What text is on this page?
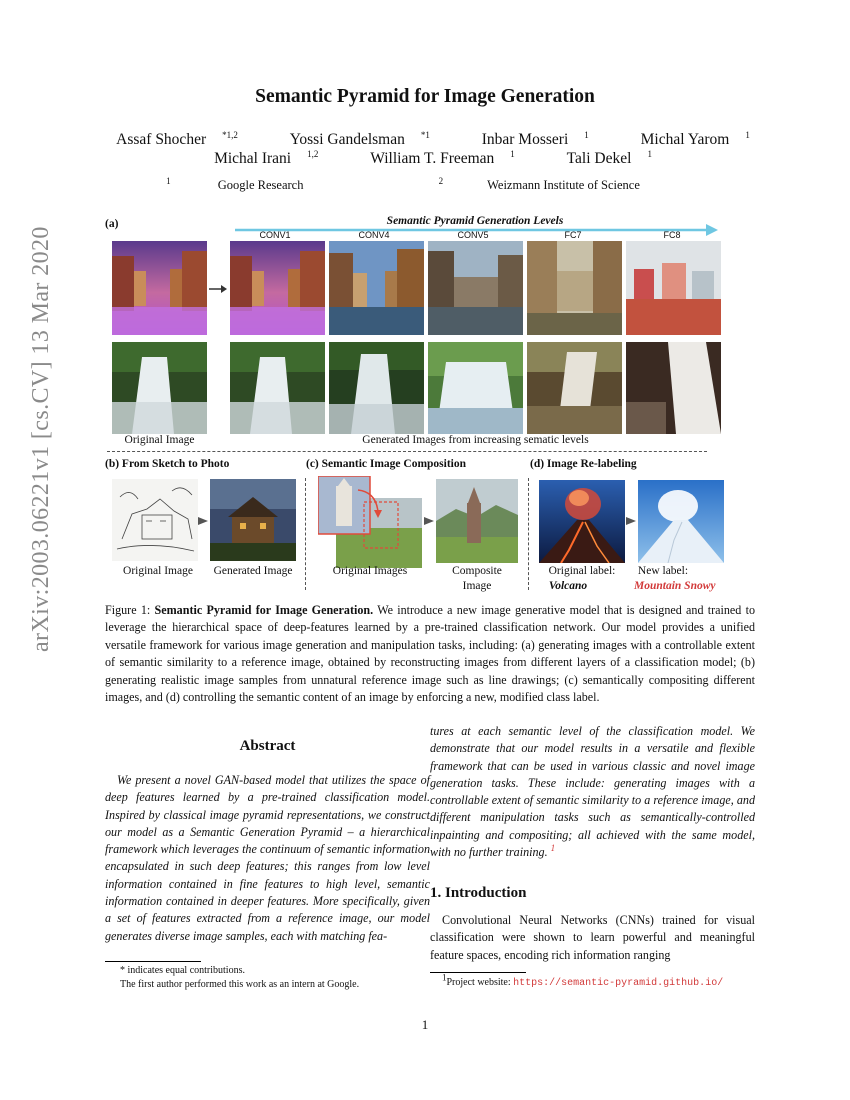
arXiv:2003.06221v1 [cs.CV] 13 Mar 2020
Semantic Pyramid for Image Generation
Assaf Shocher $^{*1,2}$	Yossi Gandelsman $^{*1}$	Inbar Mosseri $^1$	Michal Yarom $^1$
Michal Irani $^{1,2}$	William T. Freeman $^1$	Tali Dekel $^1$
$^1$	Google Research	$^2$	Weizmann Institute of Science
(a)	Semantic Pyramid Generation Levels
CONV1	CONV4	CONV5	FC7	FC8
Original Image	Generated Images from increasing sematic levels
(b) From Sketch to Photo	(c) Semantic Image Composition	(d) Image Re-labeling
Original Image	Generated Image	Original Images	Composite
Image
Original label:
Volcano
New label:
Mountain Snowy
Figure 1: Semantic Pyramid for Image Generation. We introduce a new image generative model that is designed and trained to leverage the hierarchical space of deep-features learned by a pre-trained classification network. Our model provides a unified versatile framework for various image generation and manipulation tasks, including: (a) generating images with a controllable extent of semantic similarity to a reference image, obtained by reconstructing images from different layers of a classification model; (b) generating realistic image samples from unnatural reference image such as line drawings; (c) semantically compositing different images, and (d) controlling the semantic content of an image by enforcing a new, modified class label.
Abstract
We present a novel GAN-based model that utilizes the space of deep features learned by a pre-trained classification model. Inspired by classical image pyramid representations, we construct our model as a Semantic Generation Pyramid – a hierarchical framework which leverages the continuum of semantic information encapsulated in such deep features; this ranges from low level information contained in fine features to high level, semantic information contained in deeper features. More specifically, given a set of features extracted from a reference image, our model generates diverse image samples, each with matching fea-
tures at each semantic level of the classification model. We demonstrate that our model results in a versatile and flexible framework that can be used in various classic and novel image generation tasks. These include: generating images with a controllable extent of semantic similarity to a reference image, and different manipulation tasks such as semantically-controlled inpainting and compositing; all achieved with the same model, with no further training. $^1$
1. Introduction
Convolutional Neural Networks (CNNs) trained for visual classification were shown to learn powerful and meaningful feature spaces, encoding rich information ranging
* indicates equal contributions.
The first author performed this work as an intern at Google.
$^1$Project website: https://semantic-pyramid.github.io/
1
